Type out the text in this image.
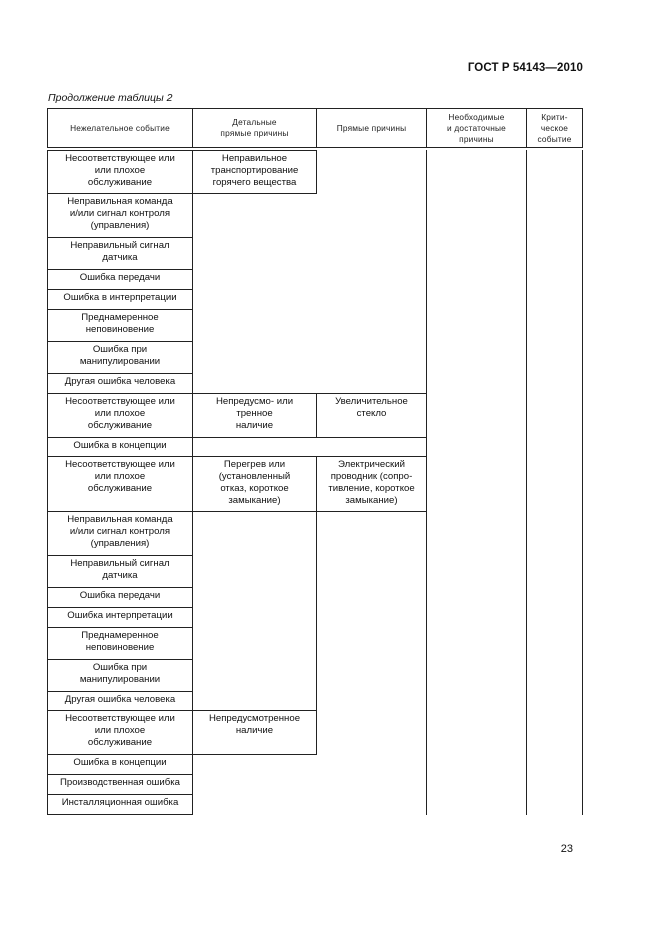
ГОСТ Р 54143—2010
Продолжение таблицы 2
Нежелательное событие
Детальные
прямые причины
Прямые причины
Необходимые
и достаточные
причины
Крити-
ческое
событие
Несоответствующее или
или плохое
обслуживание
Неправильная команда
и/или сигнал контроля
(управления)
Неправильный сигнал
датчика
Ошибка передачи
Ошибка в интерпретации
Преднамеренное
неповиновение
Ошибка при
манипулировании
Другая ошибка человека
Несоответствующее или
или плохое
обслуживание
Ошибка в концепции
Несоответствующее или
или плохое
обслуживание
Неправильная команда
и/или сигнал контроля
(управления)
Неправильный сигнал
датчика
Ошибка передачи
Ошибка интерпретации
Преднамеренное
неповиновение
Ошибка при
манипулировании
Другая ошибка человека
Несоответствующее или
или плохое
обслуживание
Ошибка в концепции
Производственная ошибка
Инсталляционная ошибка
Неправильное
транспортирование
горячего вещества
Непредусмо- или
тренное
наличие
Перегрев или
(установленный
отказ, короткое
замыкание)
Непредусмотренное
наличие
Увеличительное
стекло
Электрический
проводник (сопро-
тивление, короткое
замыкание)
23
